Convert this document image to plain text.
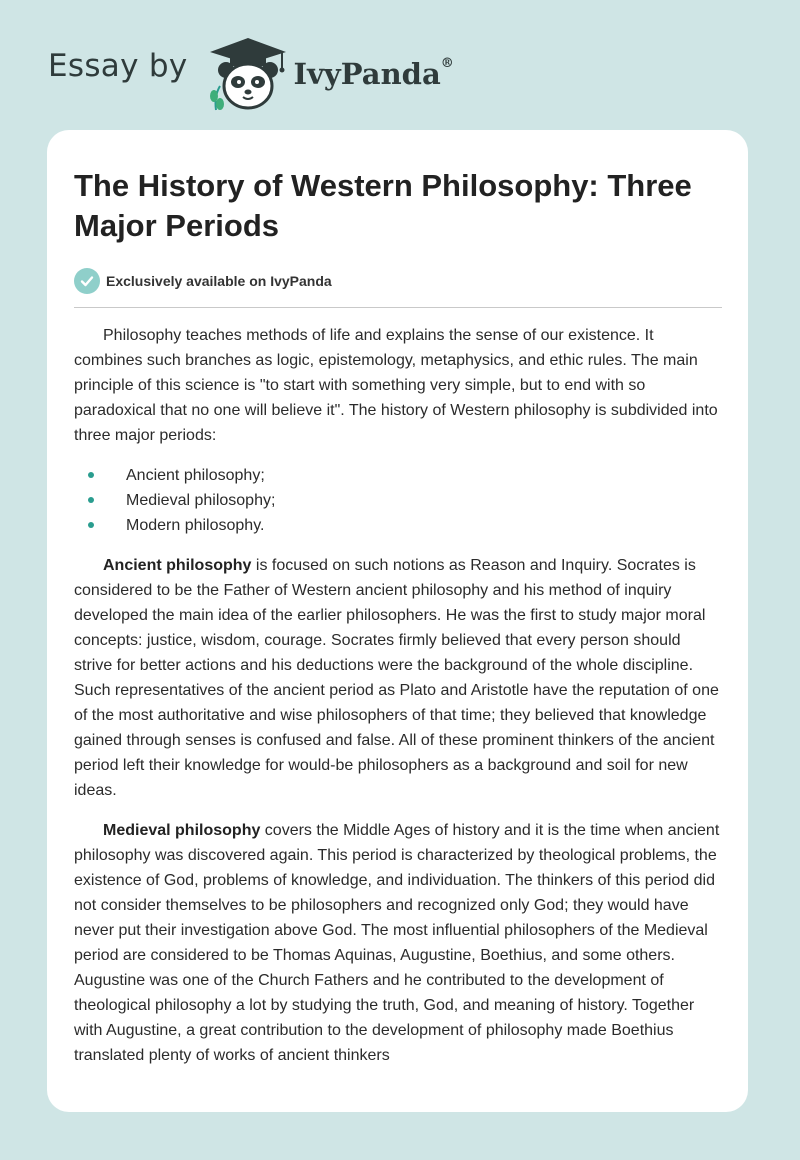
Essay by	IvyPanda®
The History of Western Philosophy: Three Major Periods
Exclusively available on IvyPanda

Philosophy teaches methods of life and explains the sense of our existence. It combines such branches as logic, epistemology, metaphysics, and ethic rules. The main principle of this science is "to start with something very simple, but to end with so paradoxical that no one will believe it". The history of Western philosophy is subdivided into three major periods:

Ancient philosophy;
Medieval philosophy;
Modern philosophy.

Ancient philosophy is focused on such notions as Reason and Inquiry. Socrates is considered to be the Father of Western ancient philosophy and his method of inquiry developed the main idea of the earlier philosophers. He was the first to study major moral concepts: justice, wisdom, courage. Socrates firmly believed that every person should strive for better actions and his deductions were the background of the whole discipline. Such representatives of the ancient period as Plato and Aristotle have the reputation of one of the most authoritative and wise philosophers of that time; they believed that knowledge gained through senses is confused and false. All of these prominent thinkers of the ancient period left their knowledge for would-be philosophers as a background and soil for new ideas.

Medieval philosophy covers the Middle Ages of history and it is the time when ancient philosophy was discovered again. This period is characterized by theological problems, the existence of God, problems of knowledge, and individuation. The thinkers of this period did not consider themselves to be philosophers and recognized only God; they would have never put their investigation above God. The most influential philosophers of the Medieval period are considered to be Thomas Aquinas, Augustine, Boethius, and some others. Augustine was one of the Church Fathers and he contributed to the development of theological philosophy a lot by studying the truth, God, and meaning of history. Together with Augustine, a great contribution to the development of philosophy made Boethius translated plenty of works of ancient thinkers
